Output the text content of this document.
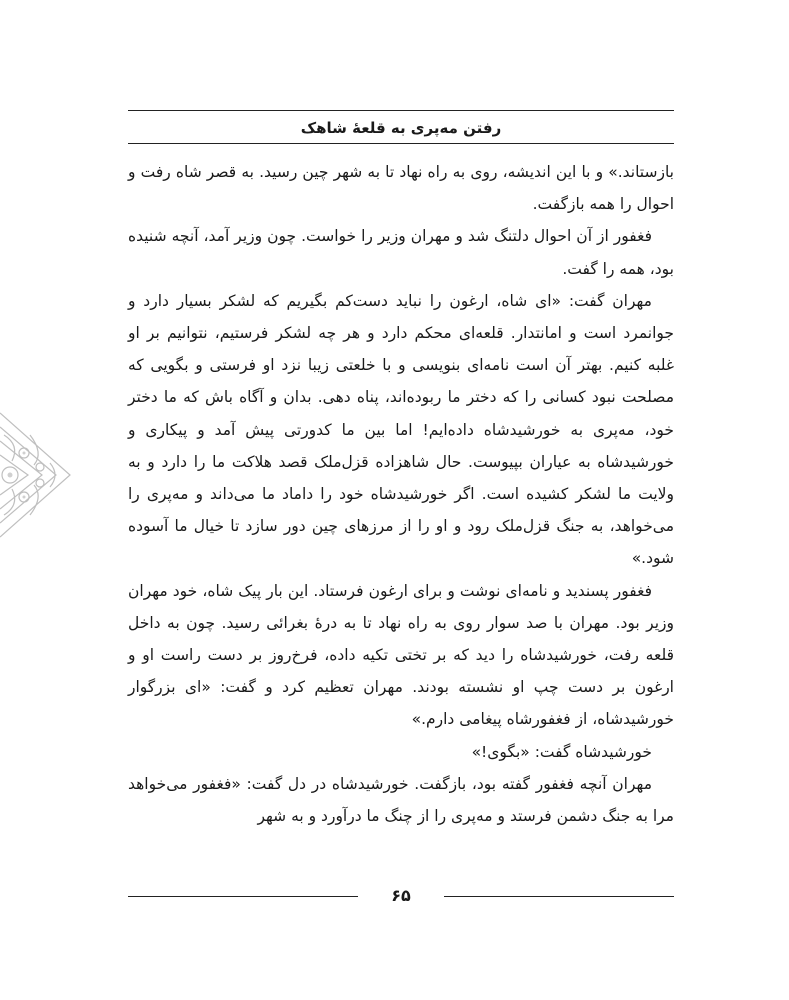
رفتن مه‌پری به قلعهٔ شاهک

بازستاند.» و با این اندیشه، روی به راه نهاد تا به شهر چین رسید. به قصر شاه رفت و احوال را همه بازگفت.

فغفور از آن احوال دلتنگ شد و مهران وزیر را خواست. چون وزیر آمد، آنچه شنیده بود، همه را گفت.

مهران گفت: «ای شاه، ارغون را نباید دست‌کم بگیریم که لشکر بسیار دارد و جوانمرد است و امانتدار. قلعه‌ای محکم دارد و هر چه لشکر فرستیم، نتوانیم بر او غلبه کنیم. بهتر آن است نامه‌ای بنویسی و با خلعتی زیبا نزد او فرستی و بگویی که مصلحت نبود کسانی را که دختر ما ربوده‌اند، پناه دهی. بدان و آگاه باش که ما دختر خود، مه‌پری به خورشیدشاه داده‌ایم! اما بین ما کدورتی پیش آمد و پیکاری و خورشیدشاه به عیاران بپیوست. حال شاهزاده قزل‌ملک قصد هلاکت ما را دارد و به ولایت ما لشکر کشیده است. اگر خورشیدشاه خود را داماد ما می‌داند و مه‌پری را می‌خواهد، به جنگ قزل‌ملک رود و او را از مرزهای چین دور سازد تا خیال ما آسوده شود.»

فغفور پسندید و نامه‌ای نوشت و برای ارغون فرستاد. این بار پیک شاه، خود مهران وزیر بود. مهران با صد سوار روی به راه نهاد تا به درهٔ بغرائی رسید. چون به داخل قلعه رفت، خورشیدشاه را دید که بر تختی تکیه داده، فرخ‌روز بر دست راست او و ارغون بر دست چپ او نشسته بودند. مهران تعظیم کرد و گفت: «ای بزرگوار خورشیدشاه، از فغفورشاه پیغامی دارم.»

خورشیدشاه گفت: «بگوی!»

مهران آنچه فغفور گفته بود، بازگفت. خورشیدشاه در دل گفت: «فغفور می‌خواهد مرا به جنگ دشمن فرستد و مه‌پری را از چنگ ما درآورد و به شهر

۶۵
